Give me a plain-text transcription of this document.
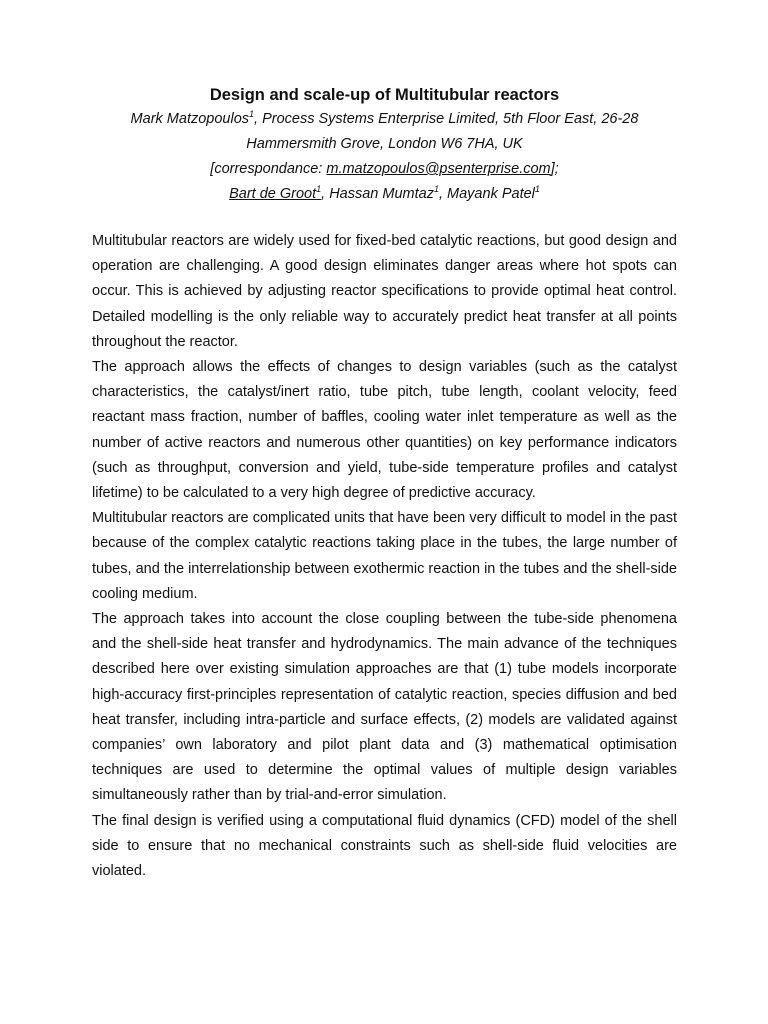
Design and scale-up of Multitubular reactors
Mark Matzopoulos$^1$, Process Systems Enterprise Limited, 5th Floor East, 26-28
Hammersmith Grove, London W6 7HA, UK
[correspondance: m.matzopoulos@psenterprise.com];
Bart de Groot$^1$, Hassan Mumtaz$^1$, Mayank Patel$^1$

Multitubular reactors are widely used for fixed-bed catalytic reactions, but good design and operation are challenging. A good design eliminates danger areas where hot spots can occur. This is achieved by adjusting reactor specifications to provide optimal heat control. Detailed modelling is the only reliable way to accurately predict heat transfer at all points throughout the reactor.

The approach allows the effects of changes to design variables (such as the catalyst characteristics, the catalyst/inert ratio, tube pitch, tube length, coolant velocity, feed reactant mass fraction, number of baffles, cooling water inlet temperature as well as the number of active reactors and numerous other quantities) on key performance indicators (such as throughput, conversion and yield, tube-side temperature profiles and catalyst lifetime) to be calculated to a very high degree of predictive accuracy.

Multitubular reactors are complicated units that have been very difficult to model in the past because of the complex catalytic reactions taking place in the tubes, the large number of tubes, and the interrelationship between exothermic reaction in the tubes and the shell-side cooling medium.

The approach takes into account the close coupling between the tube-side phenomena and the shell-side heat transfer and hydrodynamics. The main advance of the techniques described here over existing simulation approaches are that (1) tube models incorporate high-accuracy first-principles representation of catalytic reaction, species diffusion and bed heat transfer, including intra-particle and surface effects, (2) models are validated against companies’ own laboratory and pilot plant data and (3) mathematical optimisation techniques are used to determine the optimal values of multiple design variables simultaneously rather than by trial-and-error simulation.

The final design is verified using a computational fluid dynamics (CFD) model of the shell side to ensure that no mechanical constraints such as shell-side fluid velocities are violated.
